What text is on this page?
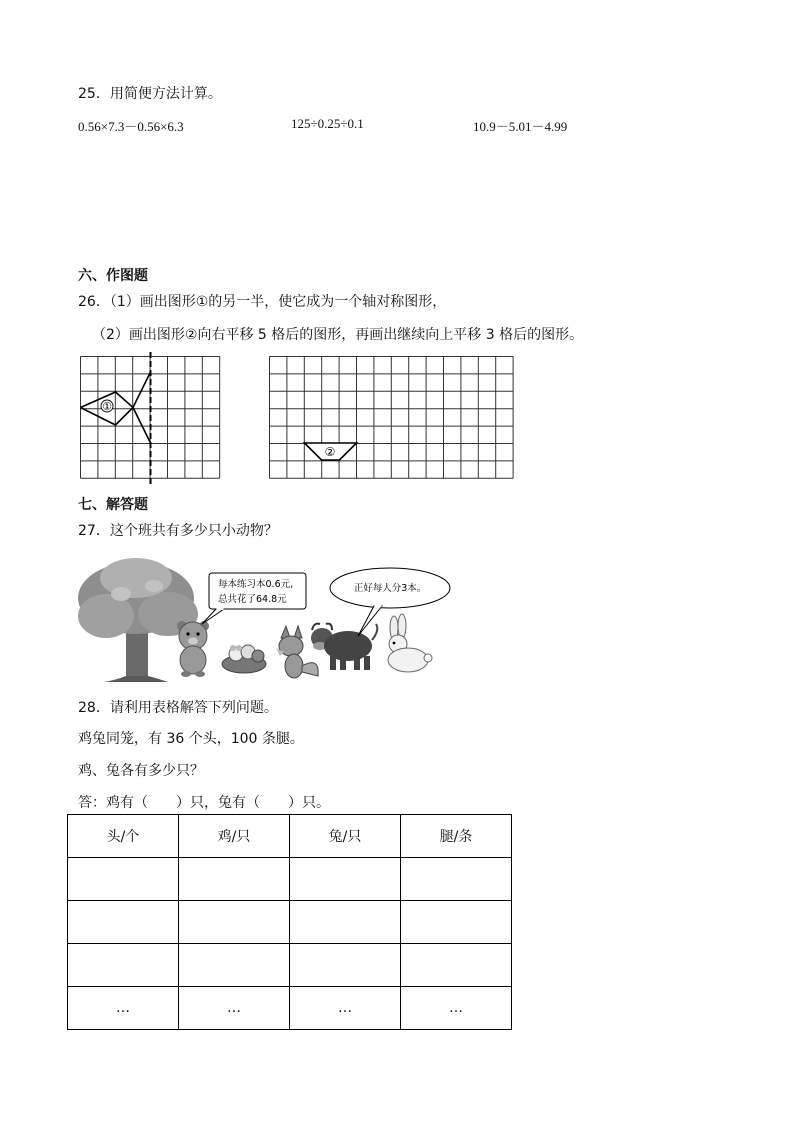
25．用简便方法计算。
0.56×7.3－0.56×6.3	125÷0.25÷0.1	10.9－5.01－4.99
六、作图题
26．（1）画出图形①的另一半，使它成为一个轴对称图形，
（2）画出图形②向右平移 5 格后的图形，再画出继续向上平移 3 格后的图形。
①
②
七、解答题
27．这个班共有多少只小动物？
每本练习本0.6元,
总共花了64.8元
正好每人分3本。
28．请利用表格解答下列问题。
鸡兔同笼，有 36 个头，100 条腿。
鸡、兔各有多少只？
答：鸡有（　　）只，兔有（　　）只。
头/个	鸡/只	兔/只	腿/条

…	…	…	…
